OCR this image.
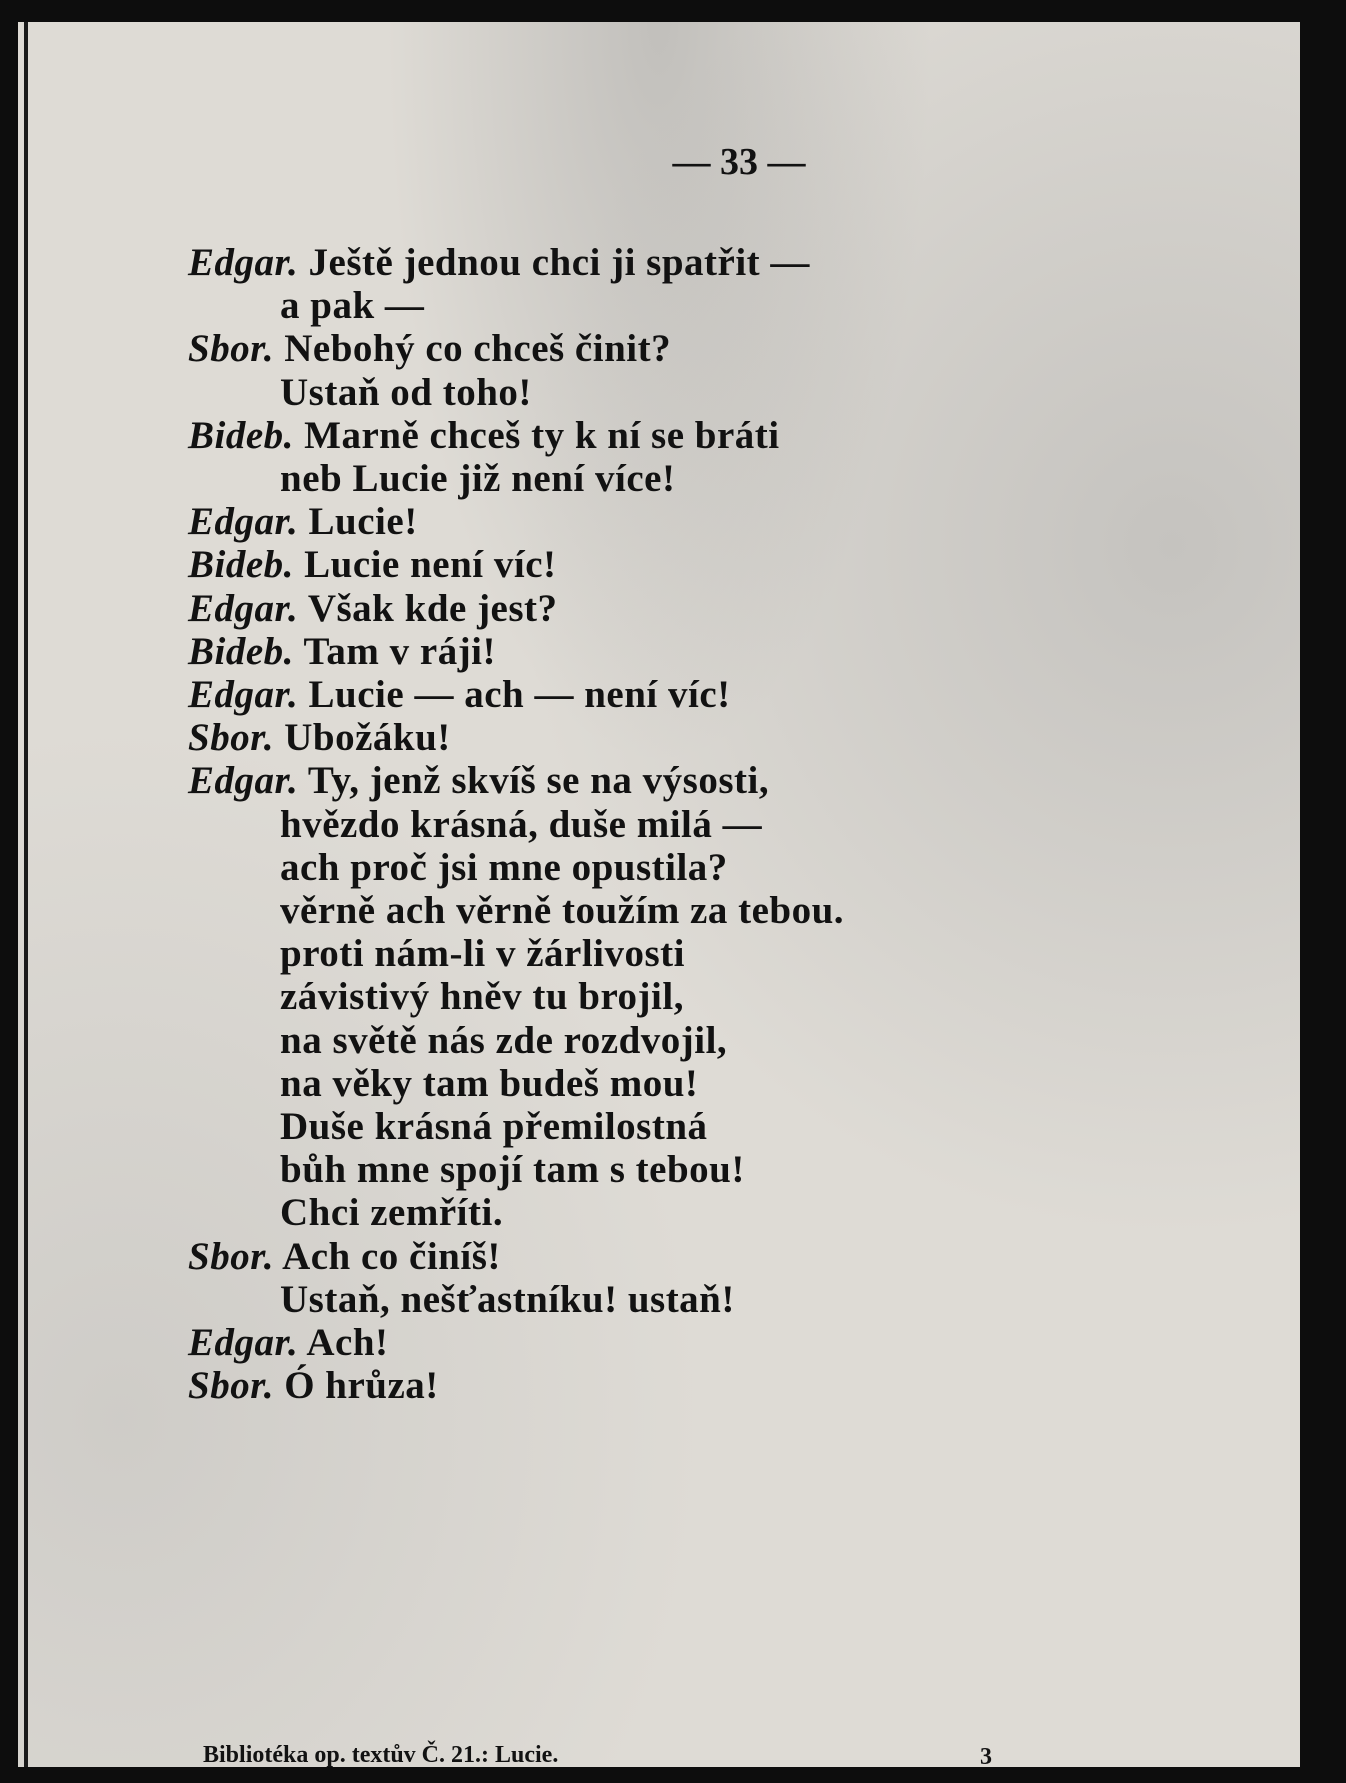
— 33 —
Edgar. Ještě jednou chci ji spatřit —
a pak —
Sbor. Nebohý co chceš činit?
Ustaň od toho!
Bideb. Marně chceš ty k ní se bráti
neb Lucie již není více!
Edgar. Lucie!
Bideb. Lucie není víc!
Edgar. Však kde jest?
Bideb. Tam v ráji!
Edgar. Lucie — ach — není víc!
Sbor. Ubožáku!
Edgar. Ty, jenž skvíš se na výsosti,
hvězdo krásná, duše milá —
ach proč jsi mne opustila?
věrně ach věrně toužím za tebou.
proti nám-li v žárlivosti
závistivý hněv tu brojil,
na světě nás zde rozdvojil,
na věky tam budeš mou!
Duše krásná přemilostná
bůh mne spojí tam s tebou!
Chci zemříti.
Sbor. Ach co činíš!
Ustaň, nešťastníku! ustaň!
Edgar. Ach!
Sbor. Ó hrůza!
Bibliotéka op. textův Č. 21.: Lucie.	3
